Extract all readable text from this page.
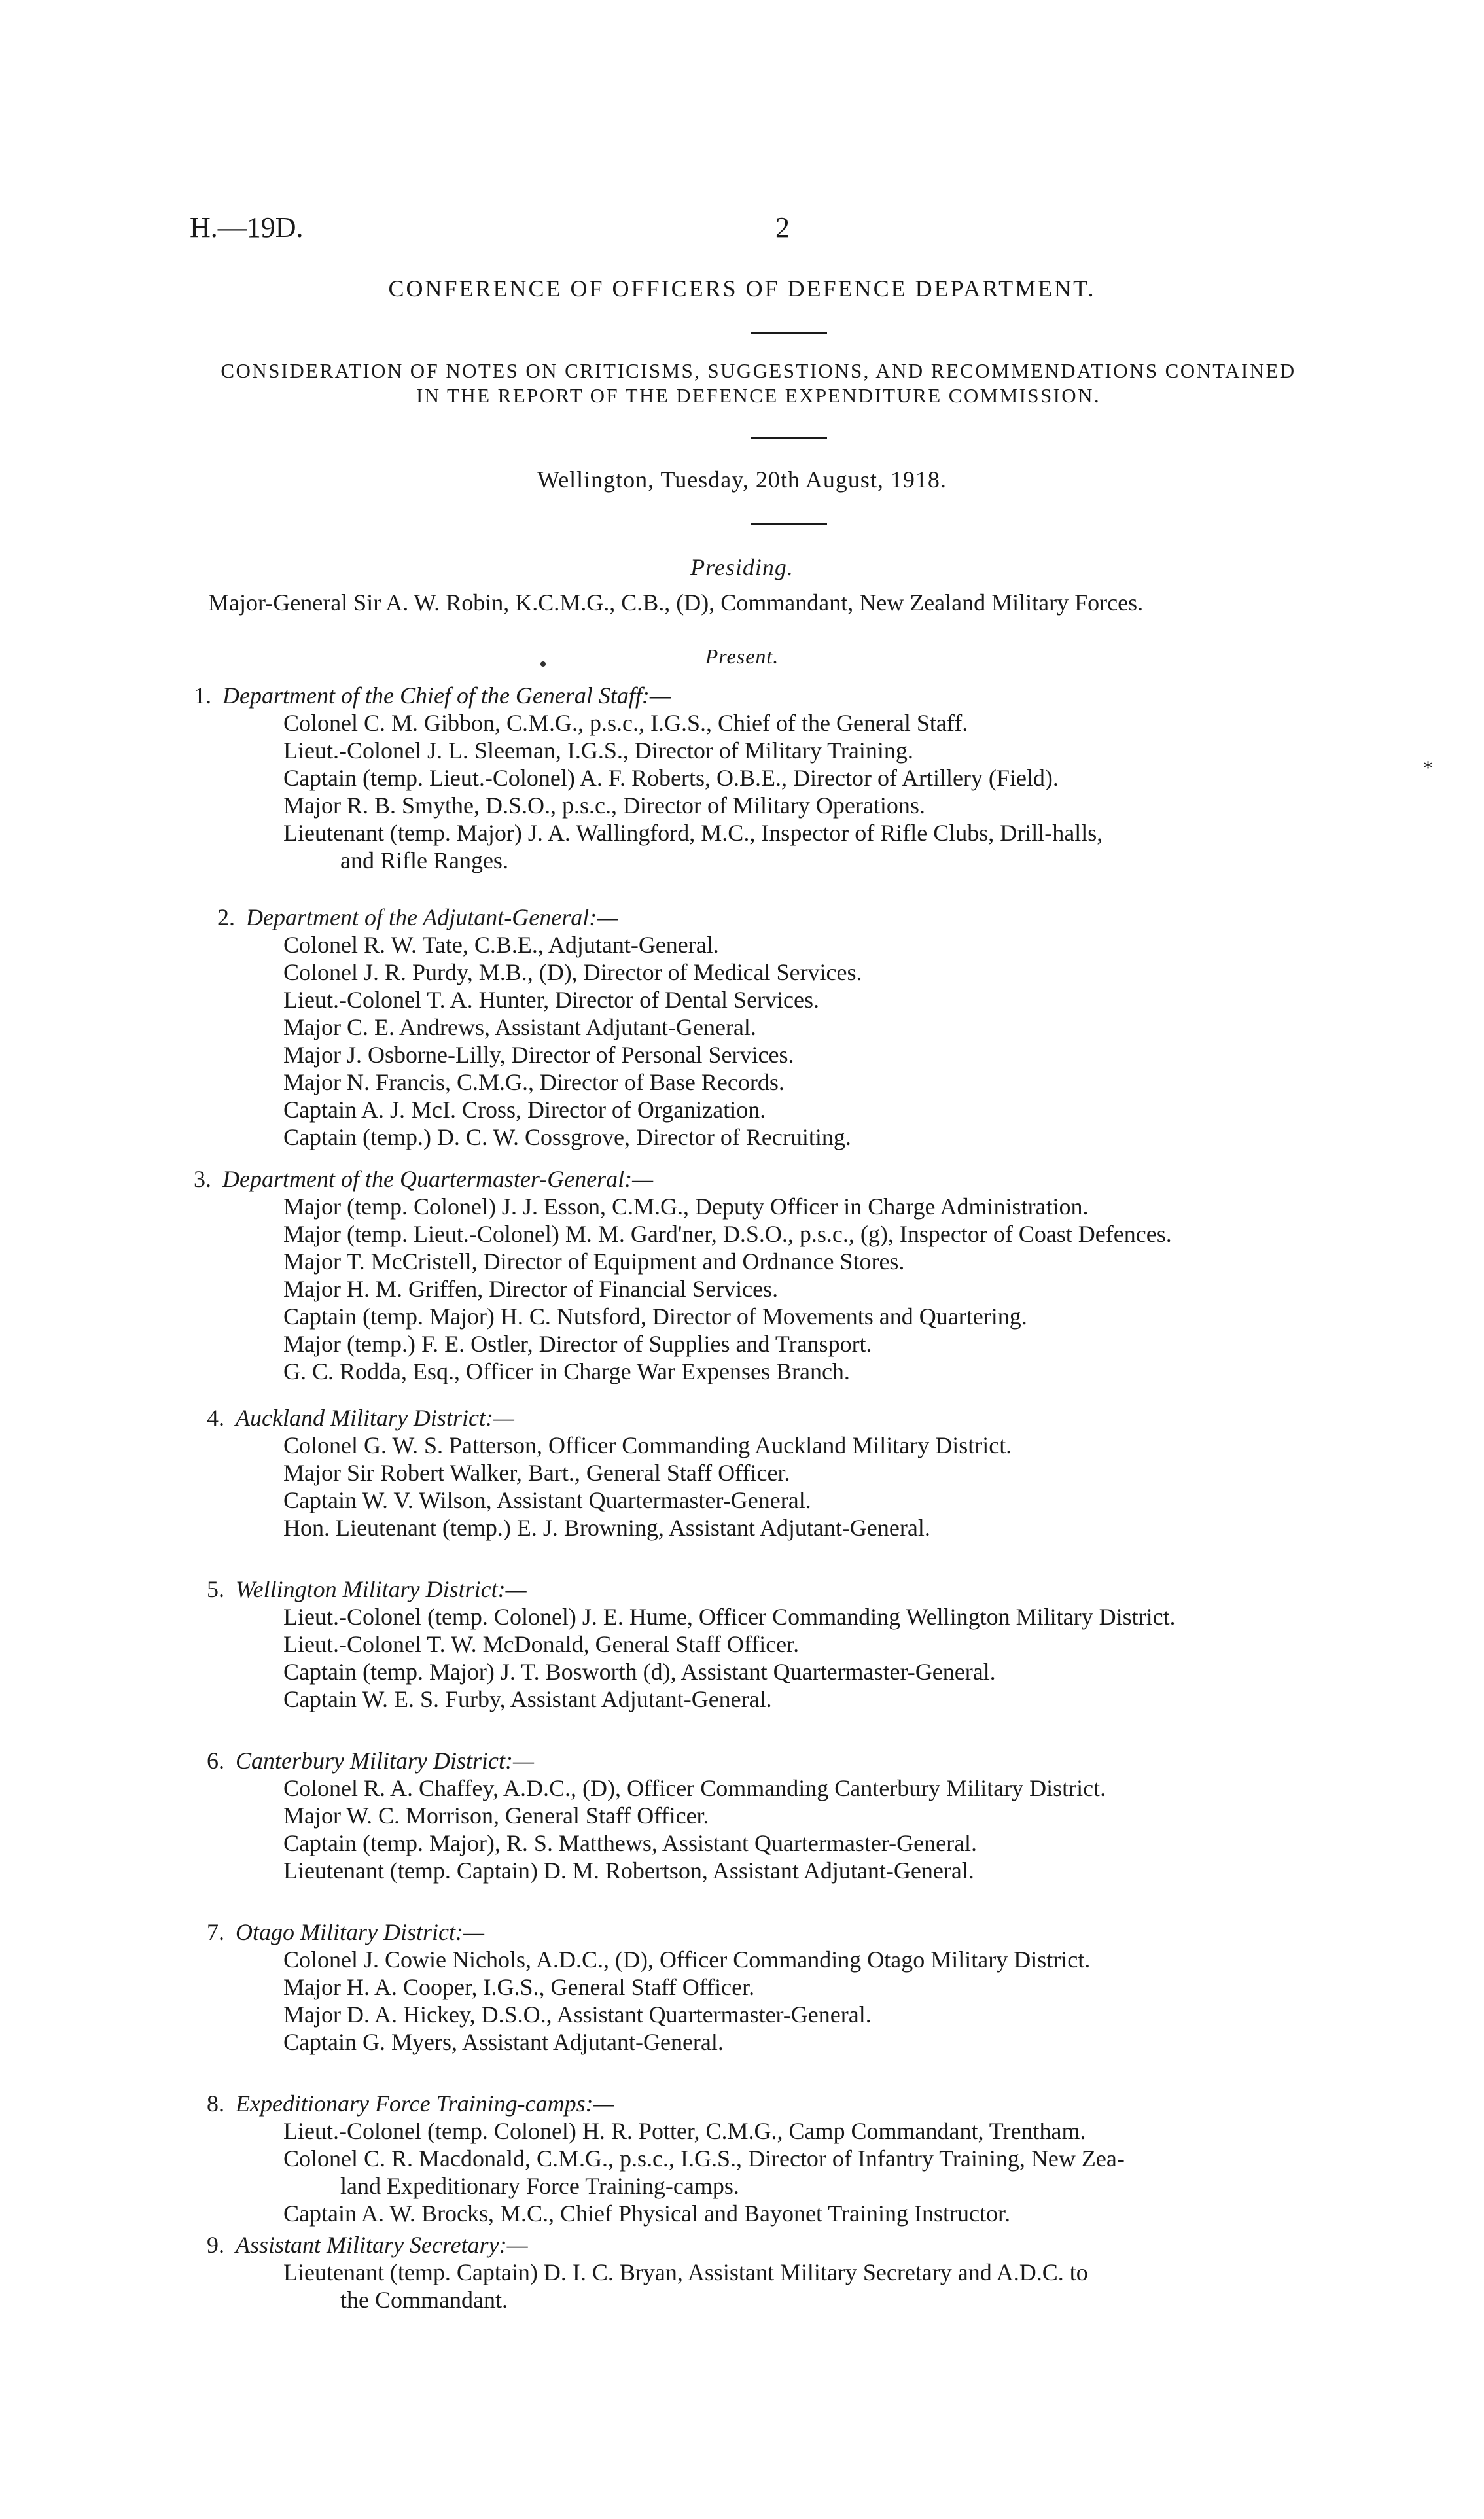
H.—19D.	2
CONFERENCE OF OFFICERS OF DEFENCE DEPARTMENT.
CONSIDERATION OF NOTES ON CRITICISMS, SUGGESTIONS, AND RECOMMENDATIONS CONTAINED
IN THE REPORT OF THE DEFENCE EXPENDITURE COMMISSION.
Wellington, Tuesday, 20th August, 1918.
Presiding.
Major-General Sir A. W. Robin, K.C.M.G., C.B., (D), Commandant, New Zealand Military Forces.
Present.
*
1. Department of the Chief of the General Staff:—
Colonel C. M. Gibbon, C.M.G., p.s.c., I.G.S., Chief of the General Staff.
Lieut.-Colonel J. L. Sleeman, I.G.S., Director of Military Training.
Captain (temp. Lieut.-Colonel) A. F. Roberts, O.B.E., Director of Artillery (Field).
Major R. B. Smythe, D.S.O., p.s.c., Director of Military Operations.
Lieutenant (temp. Major) J. A. Wallingford, M.C., Inspector of Rifle Clubs, Drill-halls,
and Rifle Ranges.
2. Department of the Adjutant-General:—
Colonel R. W. Tate, C.B.E., Adjutant-General.
Colonel J. R. Purdy, M.B., (D), Director of Medical Services.
Lieut.-Colonel T. A. Hunter, Director of Dental Services.
Major C. E. Andrews, Assistant Adjutant-General.
Major J. Osborne-Lilly, Director of Personal Services.
Major N. Francis, C.M.G., Director of Base Records.
Captain A. J. McI. Cross, Director of Organization.
Captain (temp.) D. C. W. Cossgrove, Director of Recruiting.
3. Department of the Quartermaster-General:—
Major (temp. Colonel) J. J. Esson, C.M.G., Deputy Officer in Charge Administration.
Major (temp. Lieut.-Colonel) M. M. Gard'ner, D.S.O., p.s.c., (g), Inspector of Coast Defences.
Major T. McCristell, Director of Equipment and Ordnance Stores.
Major H. M. Griffen, Director of Financial Services.
Captain (temp. Major) H. C. Nutsford, Director of Movements and Quartering.
Major (temp.) F. E. Ostler, Director of Supplies and Transport.
G. C. Rodda, Esq., Officer in Charge War Expenses Branch.
4. Auckland Military District:—
Colonel G. W. S. Patterson, Officer Commanding Auckland Military District.
Major Sir Robert Walker, Bart., General Staff Officer.
Captain W. V. Wilson, Assistant Quartermaster-General.
Hon. Lieutenant (temp.) E. J. Browning, Assistant Adjutant-General.
5. Wellington Military District:—
Lieut.-Colonel (temp. Colonel) J. E. Hume, Officer Commanding Wellington Military District.
Lieut.-Colonel T. W. McDonald, General Staff Officer.
Captain (temp. Major) J. T. Bosworth (d), Assistant Quartermaster-General.
Captain W. E. S. Furby, Assistant Adjutant-General.
6. Canterbury Military District:—
Colonel R. A. Chaffey, A.D.C., (D), Officer Commanding Canterbury Military District.
Major W. C. Morrison, General Staff Officer.
Captain (temp. Major), R. S. Matthews, Assistant Quartermaster-General.
Lieutenant (temp. Captain) D. M. Robertson, Assistant Adjutant-General.
7. Otago Military District:—
Colonel J. Cowie Nichols, A.D.C., (D), Officer Commanding Otago Military District.
Major H. A. Cooper, I.G.S., General Staff Officer.
Major D. A. Hickey, D.S.O., Assistant Quartermaster-General.
Captain G. Myers, Assistant Adjutant-General.
8. Expeditionary Force Training-camps:—
Lieut.-Colonel (temp. Colonel) H. R. Potter, C.M.G., Camp Commandant, Trentham.
Colonel C. R. Macdonald, C.M.G., p.s.c., I.G.S., Director of Infantry Training, New Zea-
land Expeditionary Force Training-camps.
Captain A. W. Brocks, M.C., Chief Physical and Bayonet Training Instructor.
9. Assistant Military Secretary:—
Lieutenant (temp. Captain) D. I. C. Bryan, Assistant Military Secretary and A.D.C. to
the Commandant.
